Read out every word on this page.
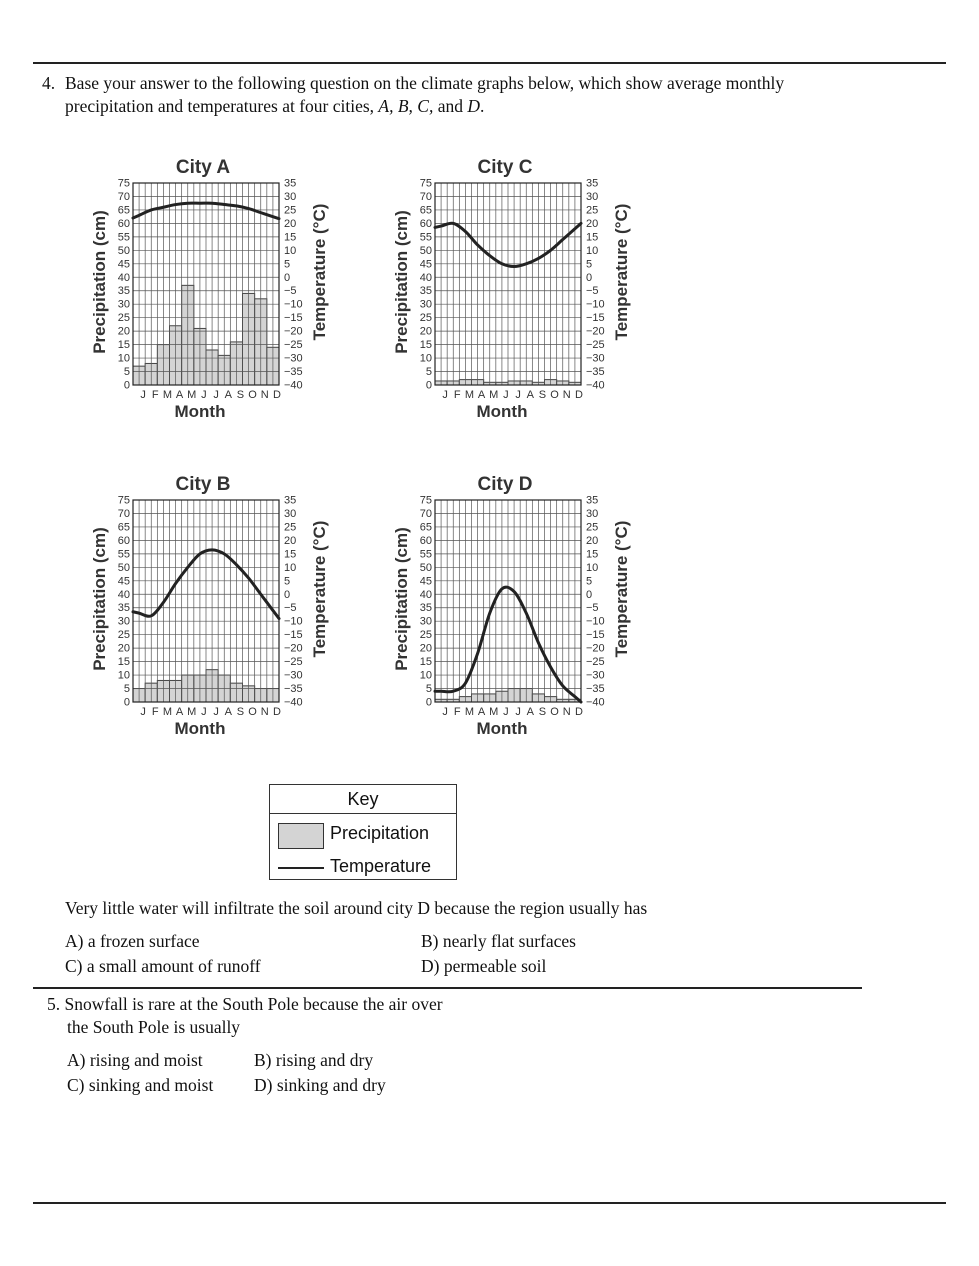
4. Base your answer to the following question on the climate graphs below, which show average monthly
precipitation and temperatures at four cities, A, B, C, and D.
City A
75
70
65
60
55
50
45
40
35
30
25
20
15
10
5
0
35
30
25
20
15
10
5
0
−5
−10
−15
−20
−25
−30
−35
−40
J F M A M J J A S O N D
Month
Precipitation (cm)	Temperature (°C)
City C
75
70
65
60
55
50
45
40
35
30
25
20
15
10
5
0
35
30
25
20
15
10
5
0
−5
−10
−15
−20
−25
−30
−35
−40
J F M A M J J A S O N D
Month
Precipitation (cm)	Temperature (°C)
City B
75
70
65
60
55
50
45
40
35
30
25
20
15
10
5
0
35
30
25
20
15
10
5
0
−5
−10
−15
−20
−25
−30
−35
−40
J F M A M J J A S O N D
Month
Precipitation (cm)	Temperature (°C)
City D
75
70
65
60
55
50
45
40
35
30
25
20
15
10
5
0
35
30
25
20
15
10
5
0
−5
−10
−15
−20
−25
−30
−35
−40
J F M A M J J A S O N D
Month
Precipitation (cm)	Temperature (°C)
Key
Precipitation
Temperature
Very little water will infiltrate the soil around city D because the region usually has
A) a frozen surface	B) nearly flat surfaces
C) a small amount of runoff	D) permeable soil
5. Snowfall is rare at the South Pole because the air over
the South Pole is usually
A) rising and moist	B) rising and dry
C) sinking and moist D) sinking and dry
